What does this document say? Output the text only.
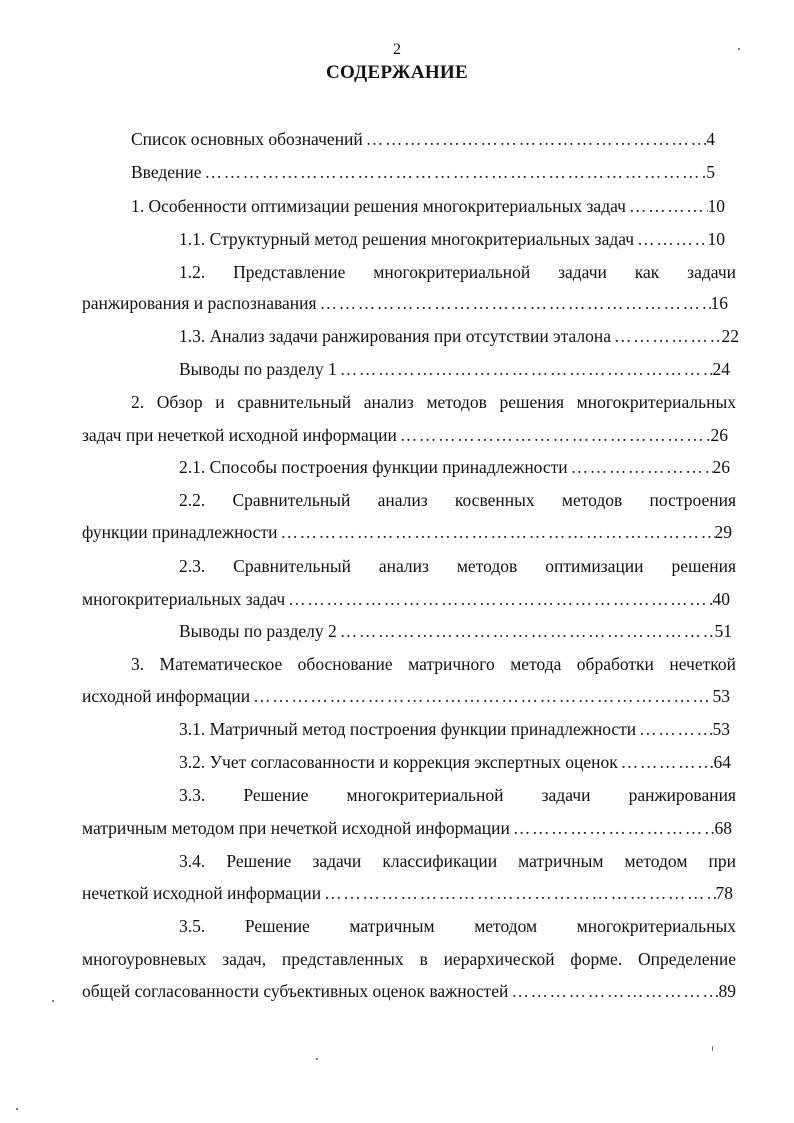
2
СОДЕРЖАНИЕ
Список основных обозначений ……………………………………………………………………………………………………………………………………………………………………………………………………	4
Введение ……………………………………………………………………………………………………………………………………………………………………………………………………	5
1. Особенности оптимизации решения многокритериальных задач ……………………………………………………………………………………………………………………………………………………………………………………………………	10
1.1. Структурный метод решения многокритериальных задач ……………………………………………………………………………………………………………………………………………………………………………………………………	10
1.2. Представление многокритериальной задачи как задачи
ранжирования и распознавания ……………………………………………………………………………………………………………………………………………………………………………………………………	16
1.3. Анализ задачи ранжирования при отсутствии эталона ……………………………………………………………………………………………………………………………………………………………………………………………………	22
Выводы по разделу 1 ……………………………………………………………………………………………………………………………………………………………………………………………………	24
2. Обзор и сравнительный анализ методов решения многокритериальных
задач при нечеткой исходной информации ……………………………………………………………………………………………………………………………………………………………………………………………………	26
2.1. Способы построения функции принадлежности ……………………………………………………………………………………………………………………………………………………………………………………………………	26
2.2. Сравнительный анализ косвенных методов построения
функции принадлежности ……………………………………………………………………………………………………………………………………………………………………………………………………	29
2.3. Сравнительный анализ методов оптимизации решения
многокритериальных задач ……………………………………………………………………………………………………………………………………………………………………………………………………	40
Выводы по разделу 2 ……………………………………………………………………………………………………………………………………………………………………………………………………	51
3. Математическое обоснование матричного метода обработки нечеткой
исходной информации ……………………………………………………………………………………………………………………………………………………………………………………………………	53
3.1. Матричный метод построения функции принадлежности ……………………………………………………………………………………………………………………………………………………………………………………………………	53
3.2. Учет согласованности и коррекция экспертных оценок ……………………………………………………………………………………………………………………………………………………………………………………………………	64
3.3. Решение многокритериальной задачи ранжирования
матричным методом при нечеткой исходной информации ……………………………………………………………………………………………………………………………………………………………………………………………………	68
3.4. Решение задачи классификации матричным методом при
нечеткой исходной информации ……………………………………………………………………………………………………………………………………………………………………………………………………	78
3.5. Решение матричным методом многокритериальных
многоуровневых задач, представленных в иерархической форме. Определение
общей согласованности субъективных оценок важностей ……………………………………………………………………………………………………………………………………………………………………………………………………	89
